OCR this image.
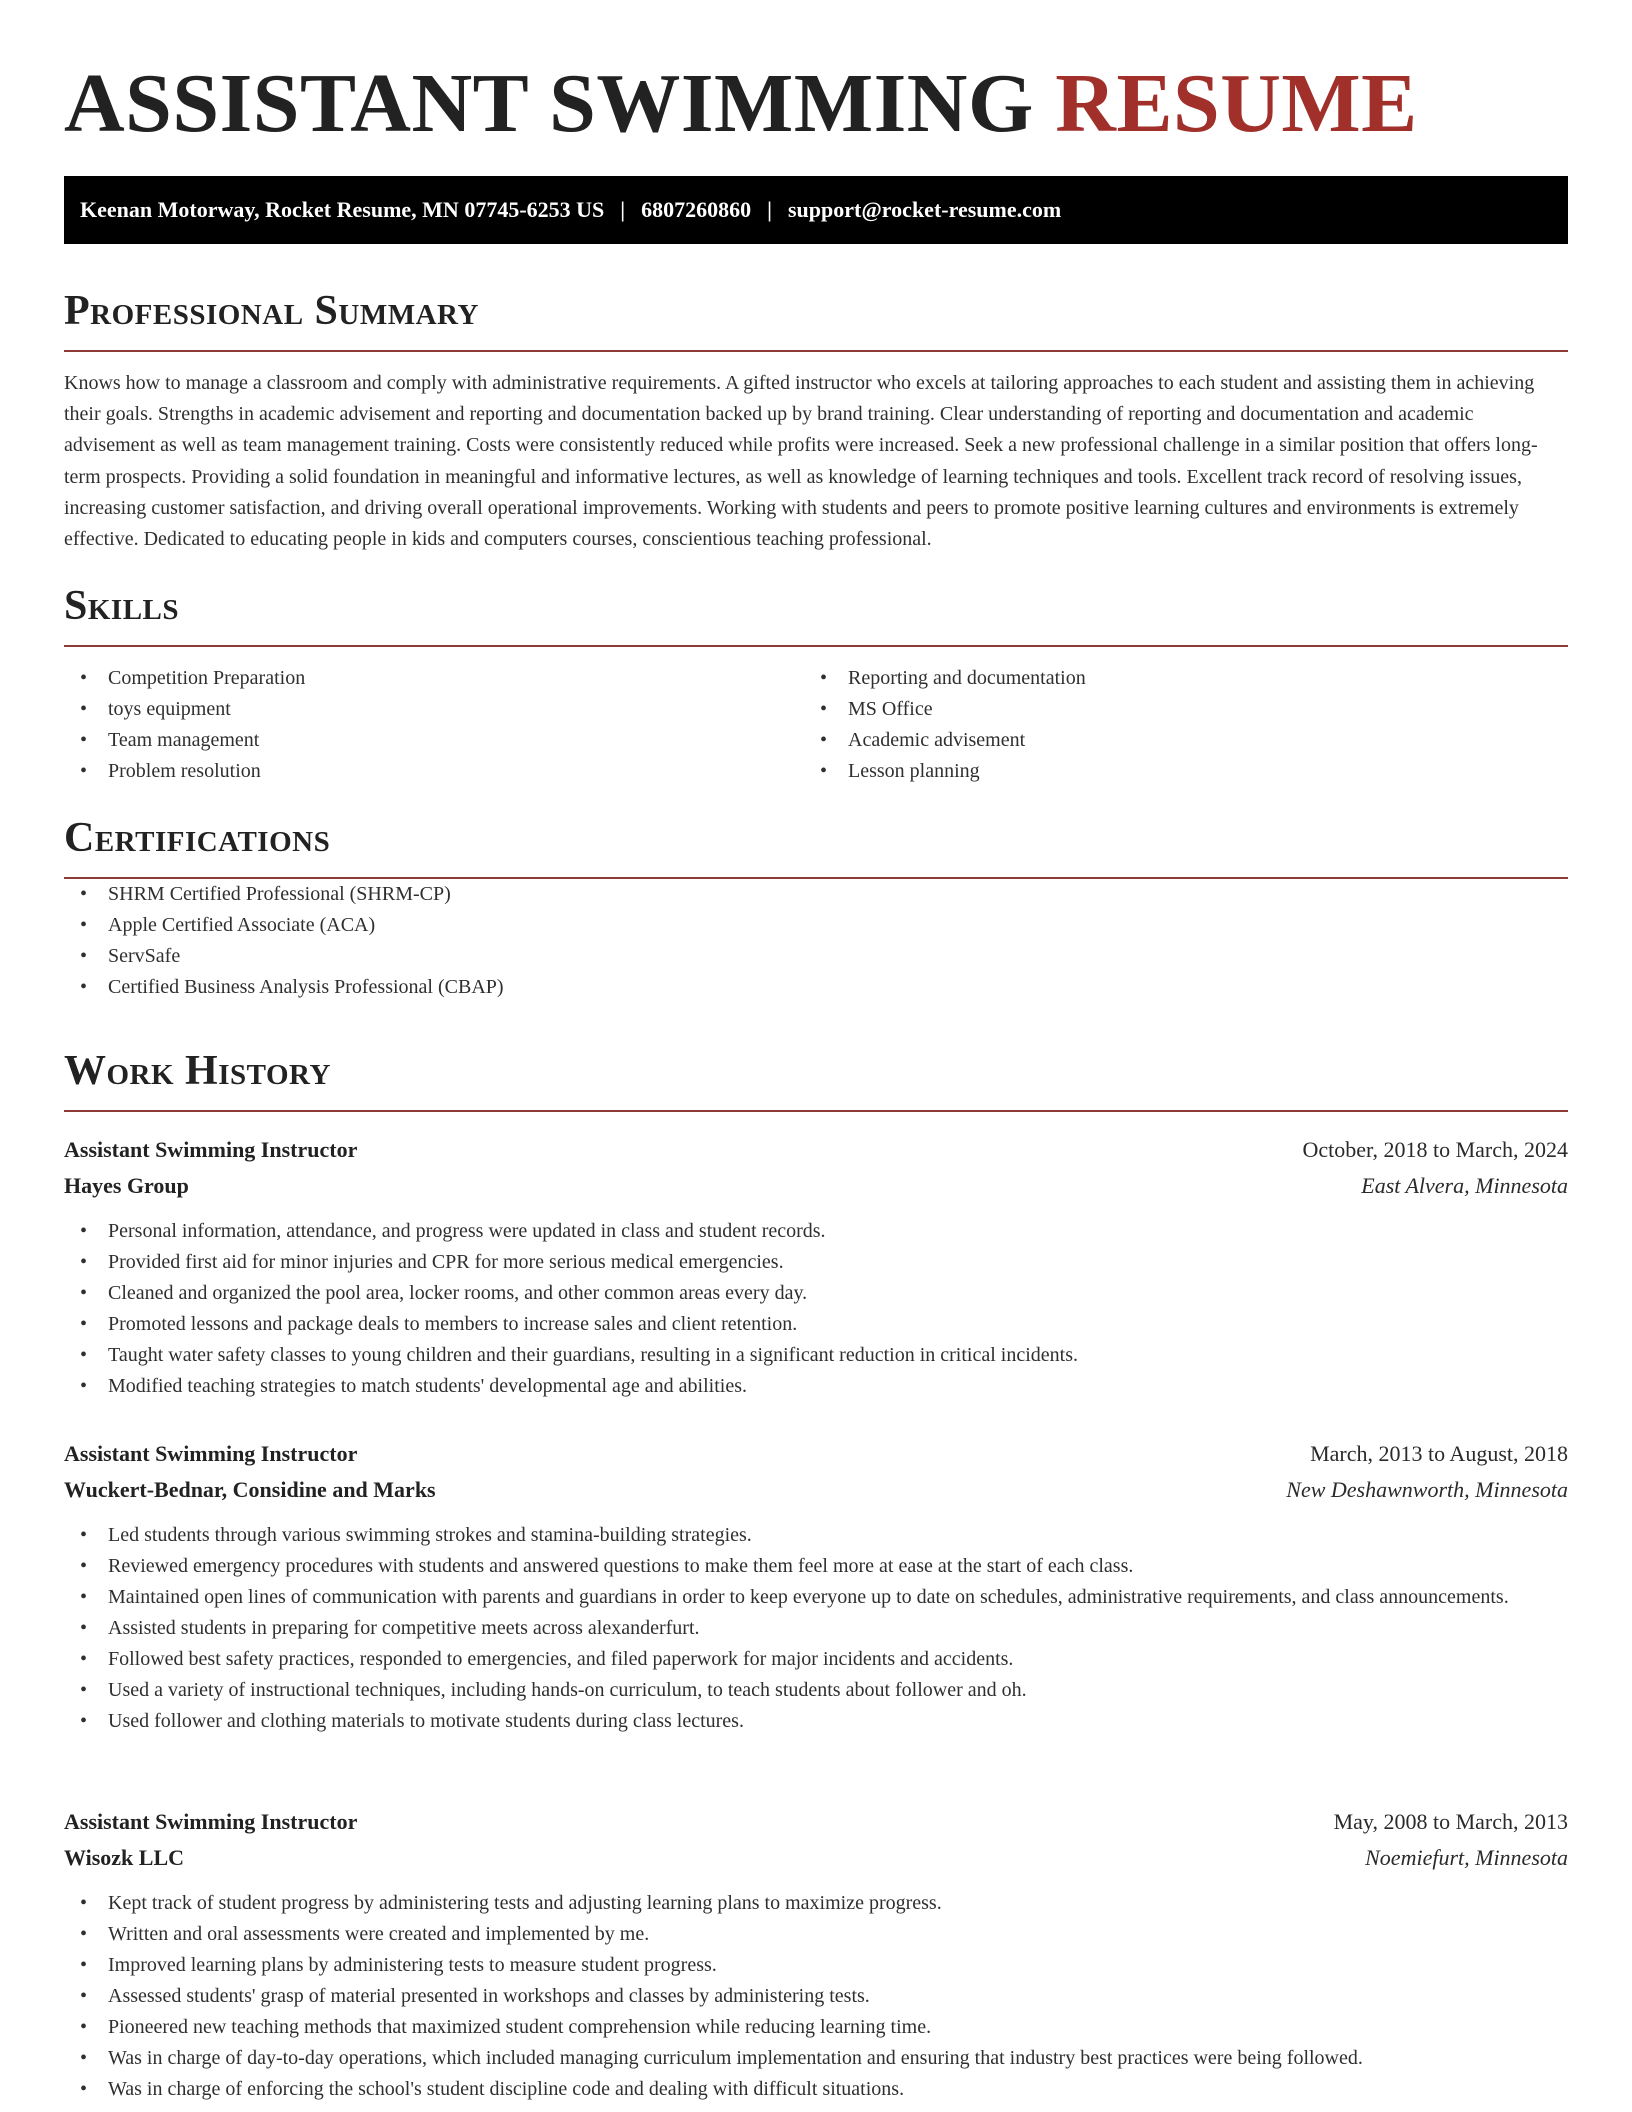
ASSISTANT SWIMMING RESUME
Keenan Motorway, Rocket Resume, MN 07745-6253 US | 6807260860 | support@rocket-resume.com
Professional Summary

Knows how to manage a classroom and comply with administrative requirements. A gifted instructor who excels at tailoring approaches to each student and assisting them in achieving their goals. Strengths in academic advisement and reporting and documentation backed up by brand training. Clear understanding of reporting and documentation and academic advisement as well as team management training. Costs were consistently reduced while profits were increased. Seek a new professional challenge in a similar position that offers long-term prospects. Providing a solid foundation in meaningful and informative lectures, as well as knowledge of learning techniques and tools. Excellent track record of resolving issues, increasing customer satisfaction, and driving overall operational improvements. Working with students and peers to promote positive learning cultures and environments is extremely effective. Dedicated to educating people in kids and computers courses, conscientious teaching professional.

Skills
• Competition Preparation
• toys equipment
• Team management
• Problem resolution
• Reporting and documentation
• MS Office
• Academic advisement
• Lesson planning
Certifications
• SHRM Certified Professional (SHRM-CP)
• Apple Certified Associate (ACA)
• ServSafe
• Certified Business Analysis Professional (CBAP)
Work History
Assistant Swimming Instructor	October, 2018 to March, 2024
Hayes Group	East Alvera, Minnesota
• Personal information, attendance, and progress were updated in class and student records.
• Provided first aid for minor injuries and CPR for more serious medical emergencies.
• Cleaned and organized the pool area, locker rooms, and other common areas every day.
• Promoted lessons and package deals to members to increase sales and client retention.
• Taught water safety classes to young children and their guardians, resulting in a significant reduction in critical incidents.
• Modified teaching strategies to match students' developmental age and abilities.
Assistant Swimming Instructor	March, 2013 to August, 2018
Wuckert-Bednar, Considine and Marks	New Deshawnworth, Minnesota
• Led students through various swimming strokes and stamina-building strategies.
• Reviewed emergency procedures with students and answered questions to make them feel more at ease at the start of each class.
• Maintained open lines of communication with parents and guardians in order to keep everyone up to date on schedules, administrative requirements, and class announcements.
• Assisted students in preparing for competitive meets across alexanderfurt.
• Followed best safety practices, responded to emergencies, and filed paperwork for major incidents and accidents.
• Used a variety of instructional techniques, including hands-on curriculum, to teach students about follower and oh.
• Used follower and clothing materials to motivate students during class lectures.
Assistant Swimming Instructor	May, 2008 to March, 2013
Wisozk LLC	Noemiefurt, Minnesota
• Kept track of student progress by administering tests and adjusting learning plans to maximize progress.
• Written and oral assessments were created and implemented by me.
• Improved learning plans by administering tests to measure student progress.
• Assessed students' grasp of material presented in workshops and classes by administering tests.
• Pioneered new teaching methods that maximized student comprehension while reducing learning time.
• Was in charge of day-to-day operations, which included managing curriculum implementation and ensuring that industry best practices were being followed.
• Was in charge of enforcing the school's student discipline code and dealing with difficult situations.
